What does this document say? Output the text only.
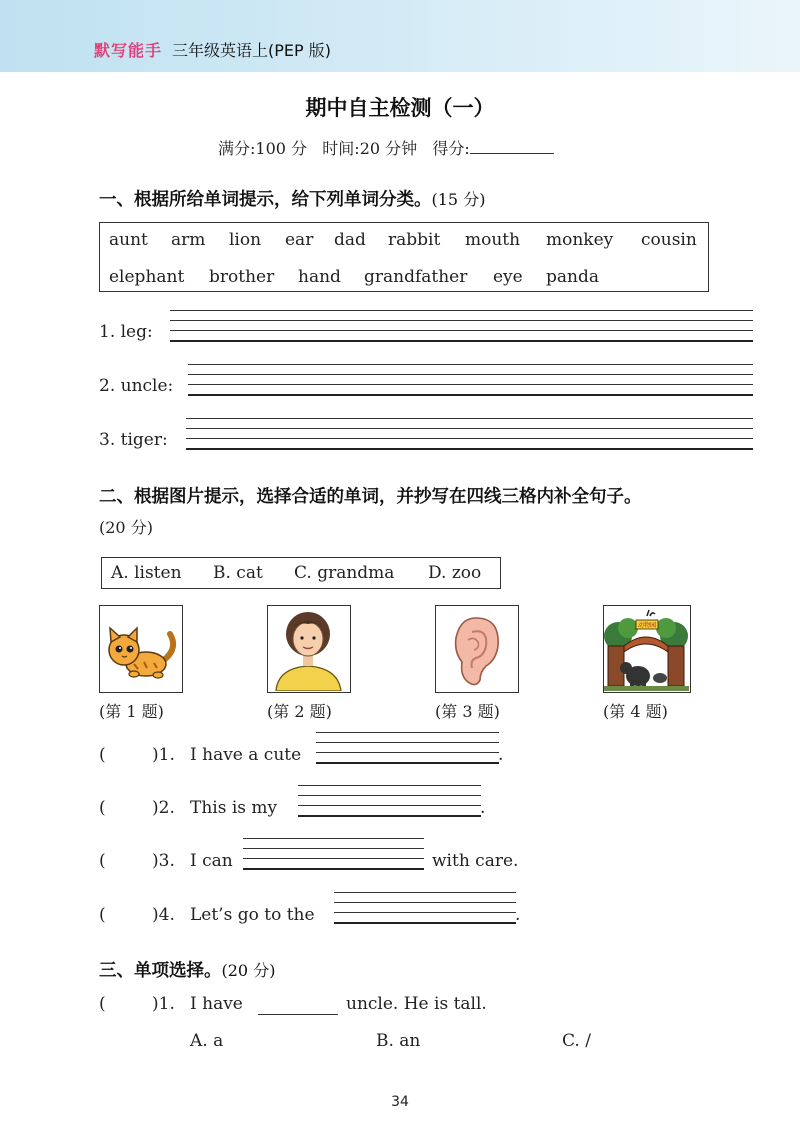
默写能手 三年级英语上(PEP 版)
期中自主检测（一）
满分:100 分 时间:20 分钟 得分:
一、根据所给单词提示，给下列单词分类。(15 分)
aunt arm lion ear dad rabbit mouth monkey cousin
elephant brother hand grandfather eye panda
1. leg:
2. uncle:
3. tiger:
二、根据图片提示，选择合适的单词，并抄写在四线三格内补全句子。
(20 分)
A. listen B. cat C. grandma D. zoo
动物园
(第 1 题)	(第 2 题)	(第 3 题)	(第 4 题)
(	)1. I have a cute	.
(	)2. This is my	.
(	)3. I can	with care.
(	)4. Let’s go to the	.
三、单项选择。(20 分)
(	)1. I have	uncle. He is tall.
A. a	B. an	C. /
34
